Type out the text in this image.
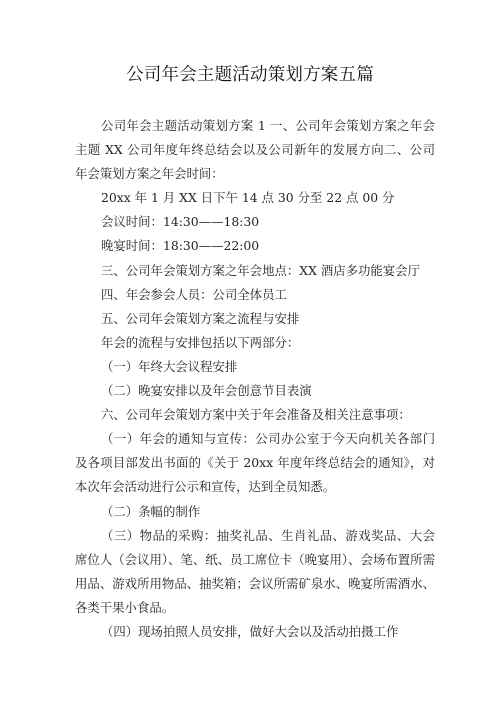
公司年会主题活动策划方案五篇

公司年会主题活动策划方案 1 一、公司年会策划方案之年会主题 XX 公司年度年终总结会以及公司新年的发展方向二、公司年会策划方案之年会时间：

20xx 年 1 月 XX 日下午 14 点 30 分至 22 点 00 分

会议时间：14:30——18:30

晚宴时间：18:30——22:00

三、公司年会策划方案之年会地点：XX 酒店多功能宴会厅

四、年会参会人员：公司全体员工

五、公司年会策划方案之流程与安排

年会的流程与安排包括以下两部分：

（一）年终大会议程安排

（二）晚宴安排以及年会创意节目表演

六、公司年会策划方案中关于年会准备及相关注意事项：

（一）年会的通知与宣传：公司办公室于今天向机关各部门及各项目部发出书面的《关于 20xx 年度年终总结会的通知》，对本次年会活动进行公示和宣传，达到全员知悉。

（二）条幅的制作

（三）物品的采购：抽奖礼品、生肖礼品、游戏奖品、大会席位人（会议用）、笔、纸、员工席位卡（晚宴用）、会场布置所需用品、游戏所用物品、抽奖箱；会议所需矿泉水、晚宴所需酒水、各类干果小食品。

（四）现场拍照人员安排，做好大会以及活动拍摄工作
